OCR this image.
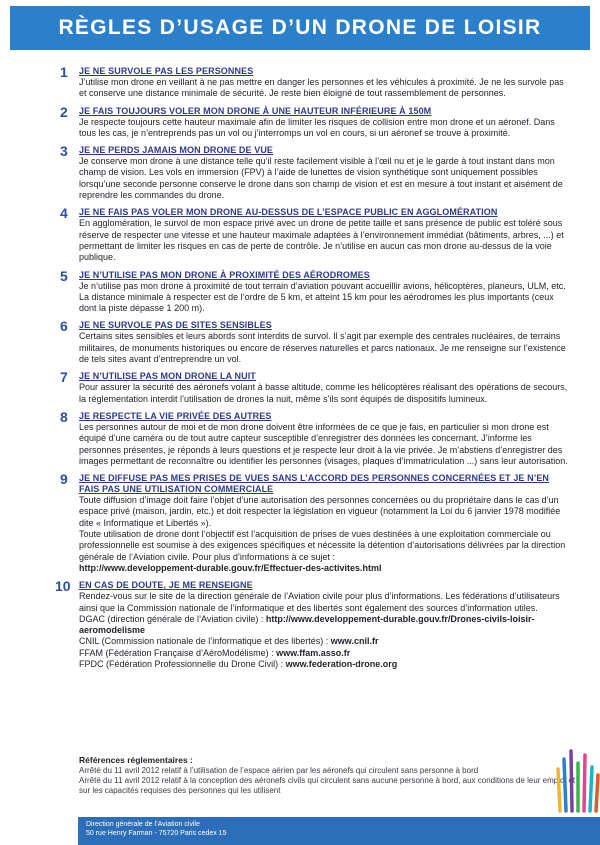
RÈGLES D’USAGE D’UN DRONE DE LOISIR
1 JE NE SURVOLE PAS LES PERSONNES
J’utilise mon drone en veillant à ne pas mettre en danger les personnes et les véhicules à proximité. Je ne les survole pas et conserve une distance minimale de sécurité. Je reste bien éloigné de tout rassemblement de personnes.
2 JE FAIS TOUJOURS VOLER MON DRONE À UNE HAUTEUR INFÉRIEURE À 150M
Je respecte toujours cette hauteur maximale afin de limiter les risques de collision entre mon drone et un aéronef. Dans tous les cas, je n’entreprends pas un vol ou j’interromps un vol en cours, si un aéronef se trouve à proximité.
3 JE NE PERDS JAMAIS MON DRONE DE VUE
Je conserve mon drone à une distance telle qu’il reste facilement visible à l’œil nu et je le garde à tout instant dans mon champ de vision. Les vols en immersion (FPV) à l’aide de lunettes de vision synthétique sont uniquement possibles lorsqu’une seconde personne conserve le drone dans son champ de vision et est en mesure à tout instant et aisément de reprendre les commandes du drone.
4 JE NE FAIS PAS VOLER MON DRONE AU-DESSUS DE L’ESPACE PUBLIC EN AGGLOMÉRATION
En agglomération, le survol de mon espace privé avec un drone de petite taille et sans présence de public est toléré sous réserve de respecter une vitesse et une hauteur maximale adaptées à l’environnement immédiat (bâtiments, arbres, ...) et permettant de limiter les risques en cas de perte de contrôle. Je n’utilise en aucun cas mon drone au-dessus de la voie publique.
5 JE N’UTILISE PAS MON DRONE À PROXIMITÉ DES AÉRODROMES
Je n’utilise pas mon drone à proximité de tout terrain d’aviation pouvant accueillir avions, hélicoptères, planeurs, ULM, etc. La distance minimale à respecter est de l’ordre de 5 km, et atteint 15 km pour les aérodromes les plus importants (ceux dont la piste dépasse 1 200 m).
6 JE NE SURVOLE PAS DE SITES SENSIBLES
Certains sites sensibles et leurs abords sont interdits de survol. Il s’agit par exemple des centrales nucléaires, de terrains militaires, de monuments historiques ou encore de réserves naturelles et parcs nationaux. Je me renseigne sur l’existence de tels sites avant d’entreprendre un vol.
7 JE N’UTILISE PAS MON DRONE LA NUIT
Pour assurer la sécurité des aéronefs volant à basse altitude, comme les hélicoptères réalisant des opérations de secours, la réglementation interdit l’utilisation de drones la nuit, même s’ils sont équipés de dispositifs lumineux.
8 JE RESPECTE LA VIE PRIVÉE DES AUTRES
Les personnes autour de moi et de mon drone doivent être informées de ce que je fais, en particulier si mon drone est équipé d’une caméra ou de tout autre capteur susceptible d’enregistrer des données les concernant. J’informe les personnes présentes, je réponds à leurs questions et je respecte leur droit à la vie privée. Je m’abstiens d’enregistrer des images permettant de reconnaître ou identifier les personnes (visages, plaques d’immatriculation ...) sans leur autorisation.
9 JE NE DIFFUSE PAS MES PRISES DE VUES SANS L’ACCORD DES PERSONNES CONCERNÉES ET JE N’EN FAIS PAS UNE UTILISATION COMMERCIALE
Toute diffusion d’image doit faire l’objet d’une autorisation des personnes concernées ou du propriétaire dans le cas d’un espace privé (maison, jardin, etc.) et doit respecter la législation en vigueur (notamment la Loi du 6 janvier 1978 modifiée dite « Informatique et Libertés »).
Toute utilisation de drone dont l’objectif est l’acquisition de prises de vues destinées à une exploitation commerciale ou professionnelle est soumise à des exigences spécifiques et nécessite la détention d’autorisations délivrées par la direction générale de l’Aviation civile. Pour plus d’informations à ce sujet :
http://www.developpement-durable.gouv.fr/Effectuer-des-activites.html
10 EN CAS DE DOUTE, JE ME RENSEIGNE
Rendez-vous sur le site de la direction générale de l’Aviation civile pour plus d’informations. Les fédérations d’utilisateurs ainsi que la Commission nationale de l’informatique et des libertés sont également des sources d’information utiles.
DGAC (direction générale de l’Aviation civile) : http://www.developpement-durable.gouv.fr/Drones-civils-loisir-aeromodelisme
CNIL (Commission nationale de l’informatique et des libertés) : www.cnil.fr
FFAM (Fédération Française d’AéroModélisme) : www.ffam.asso.fr
FPDC (Fédération Professionnelle du Drone Civil) : www.federation-drone.org
Références réglementaires :
Arrêté du 11 avril 2012 relatif à l’utilisation de l’espace aérien par les aéronefs qui circulent sans personne à bord
Arrêté du 11 avril 2012 relatif à la conception des aéronefs civils qui circulent sans aucune personne à bord, aux conditions de leur emploi et sur les capacités requises des personnes qui les utilisent
Direction générale de l’Aviation civile
50 rue Henry Farman - 75720 Paris cedex 15
